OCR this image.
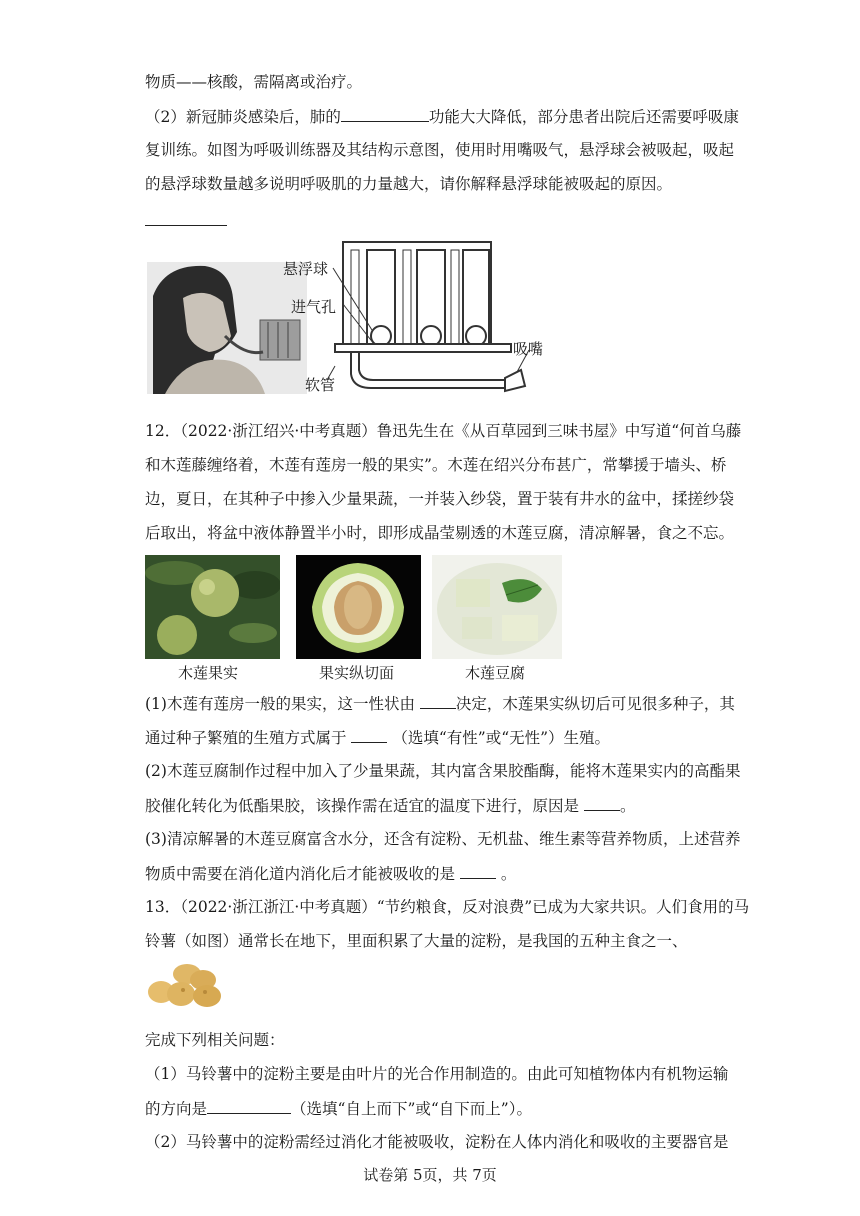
物质——核酸，需隔离或治疗。
（2）新冠肺炎感染后，肺的	功能大大降低，部分患者出院后还需要呼吸康
复训练。如图为呼吸训练器及其结构示意图，使用时用嘴吸气，悬浮球会被吸起，吸起
的悬浮球数量越多说明呼吸肌的力量越大，请你解释悬浮球能被吸起的原因。
悬浮球
进气孔
吸嘴
软管
12．（2022·浙江绍兴·中考真题）鲁迅先生在《从百草园到三味书屋》中写道“何首乌藤
和木莲藤缠络着，木莲有莲房一般的果实”。木莲在绍兴分布甚广，常攀援于墙头、桥
边，夏日，在其种子中掺入少量果蔬，一并装入纱袋，置于装有井水的盆中，揉搓纱袋
后取出，将盆中液体静置半小时，即形成晶莹剔透的木莲豆腐，清凉解暑，食之不忘。
木莲果实	果实纵切面	木莲豆腐
(1)木莲有莲房一般的果实，这一性状由 决定，木莲果实纵切后可见很多种子，其
通过种子繁殖的生殖方式属于  （选填“有性”或“无性”）生殖。
(2)木莲豆腐制作过程中加入了少量果蔬，其内富含果胶酯酶，能将木莲果实内的高酯果
胶催化转化为低酯果胶，该操作需在适宜的温度下进行，原因是 。
(3)清凉解暑的木莲豆腐富含水分，还含有淀粉、无机盐、维生素等营养物质，上述营养
物质中需要在消化道内消化后才能被吸收的是  。
13．（2022·浙江浙江·中考真题）“节约粮食，反对浪费”已成为大家共识。人们食用的马
铃薯（如图）通常长在地下，里面积累了大量的淀粉，是我国的五种主食之一、
完成下列相关问题：
（1）马铃薯中的淀粉主要是由叶片的光合作用制造的。由此可知植物体内有机物运输
的方向是	（选填“自上而下”或“自下而上”）。
（2）马铃薯中的淀粉需经过消化才能被吸收，淀粉在人体内消化和吸收的主要器官是
试卷第 5页，共 7页
